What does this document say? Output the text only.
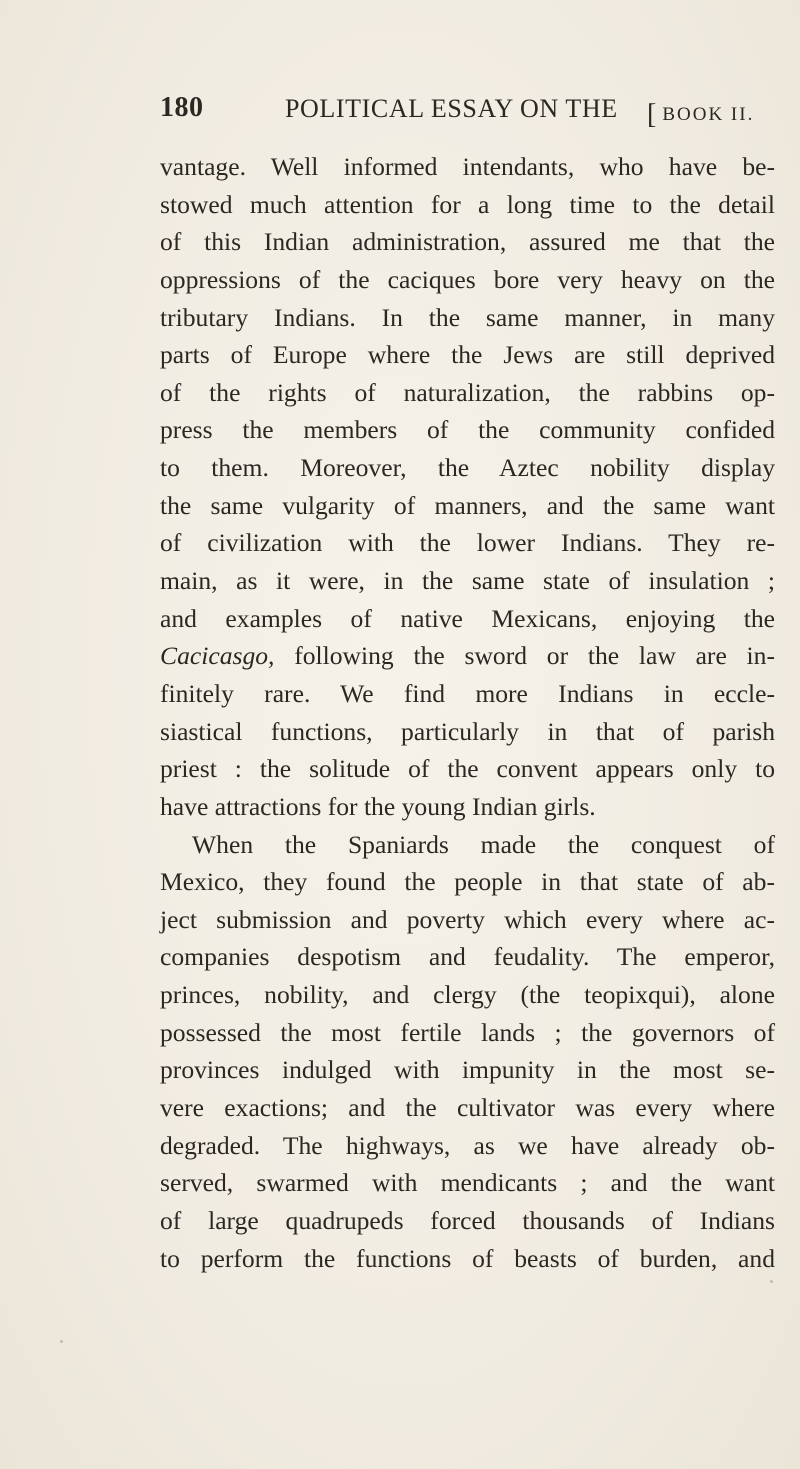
180	POLITICAL ESSAY ON THE [ BOOK II.
vantage. Well informed intendants, who have be-
stowed much attention for a long time to the detail
of this Indian administration, assured me that the
oppressions of the caciques bore very heavy on the
tributary Indians. In the same manner, in many
parts of Europe where the Jews are still deprived
of the rights of naturalization, the rabbins op-
press the members of the community confided
to them. Moreover, the Aztec nobility display
the same vulgarity of manners, and the same want
of civilization with the lower Indians. They re-
main, as it were, in the same state of insulation ;
and examples of native Mexicans, enjoying the
Cacicasgo, following the sword or the law are in-
finitely rare. We find more Indians in eccle-
siastical functions, particularly in that of parish
priest : the solitude of the convent appears only to
have attractions for the young Indian girls.
When the Spaniards made the conquest of
Mexico, they found the people in that state of ab-
ject submission and poverty which every where ac-
companies despotism and feudality. The emperor,
princes, nobility, and clergy (the teopixqui), alone
possessed the most fertile lands ; the governors of
provinces indulged with impunity in the most se-
vere exactions; and the cultivator was every where
degraded. The highways, as we have already ob-
served, swarmed with mendicants ; and the want
of large quadrupeds forced thousands of Indians
to perform the functions of beasts of burden, and
